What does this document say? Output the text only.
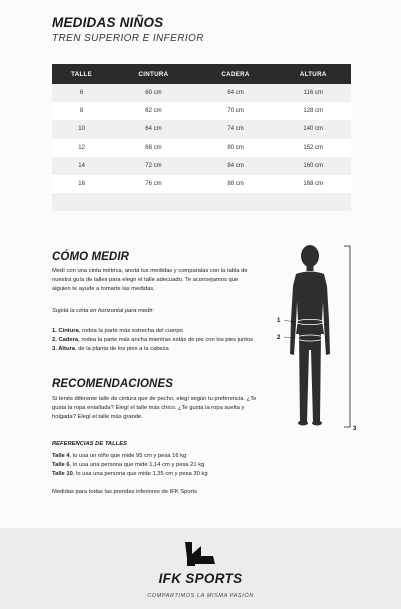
MEDIDAS NIÑOS
TREN SUPERIOR E INFERIOR
TALLE	CINTURA	CADERA	ALTURA
6	60 cm	64 cm	116 cm
8	62 cm	70 cm	128 cm
10	64 cm	74 cm	140 cm
12	68 cm	80 cm	152 cm
14	72 cm	84 cm	160 cm
16	76 cm	88 cm	168 cm

CÓMO MEDIR
Medí con una cinta métrica, anotá tus medidas y comparalas con la tabla de nuestra guía de talles para elegir el talle adecuado. Te aconsejamos que alguien te ayude a tomarte las medidas.
Sujetá la cinta en horizontal para medir:
1. Cintura, rodea la parte más estrecha del cuerpo
2. Cadera, rodea la parte más ancha mientras estás de pie con los pies juntos
3. Altura, de la planta de los pies a la cabeza
1
2
3
RECOMENDACIONES
Si tenés diferente talle de cintura que de pecho, elegí según tu preferencia. ¿Te gusta la ropa entallada? Elegí el talle más chico. ¿Te gusta la ropa suelta y holgada? Elegí el talle más grande.
REFERENCIAS DE TALLES
Talle 4, lo usa un niño que mide 95 cm y pesa 16 kg
Talle 6, lo usa una persona que mide 1,14 cm y pesa 21 kg
Talle 10, lo usa una persona que mide 1,35 cm y pesa 30 kg
Medidas para todas las prendas inferiores de IFK Sports
IFK SPORTS
COMPARTIMOS LA MISMA PASIÓN
